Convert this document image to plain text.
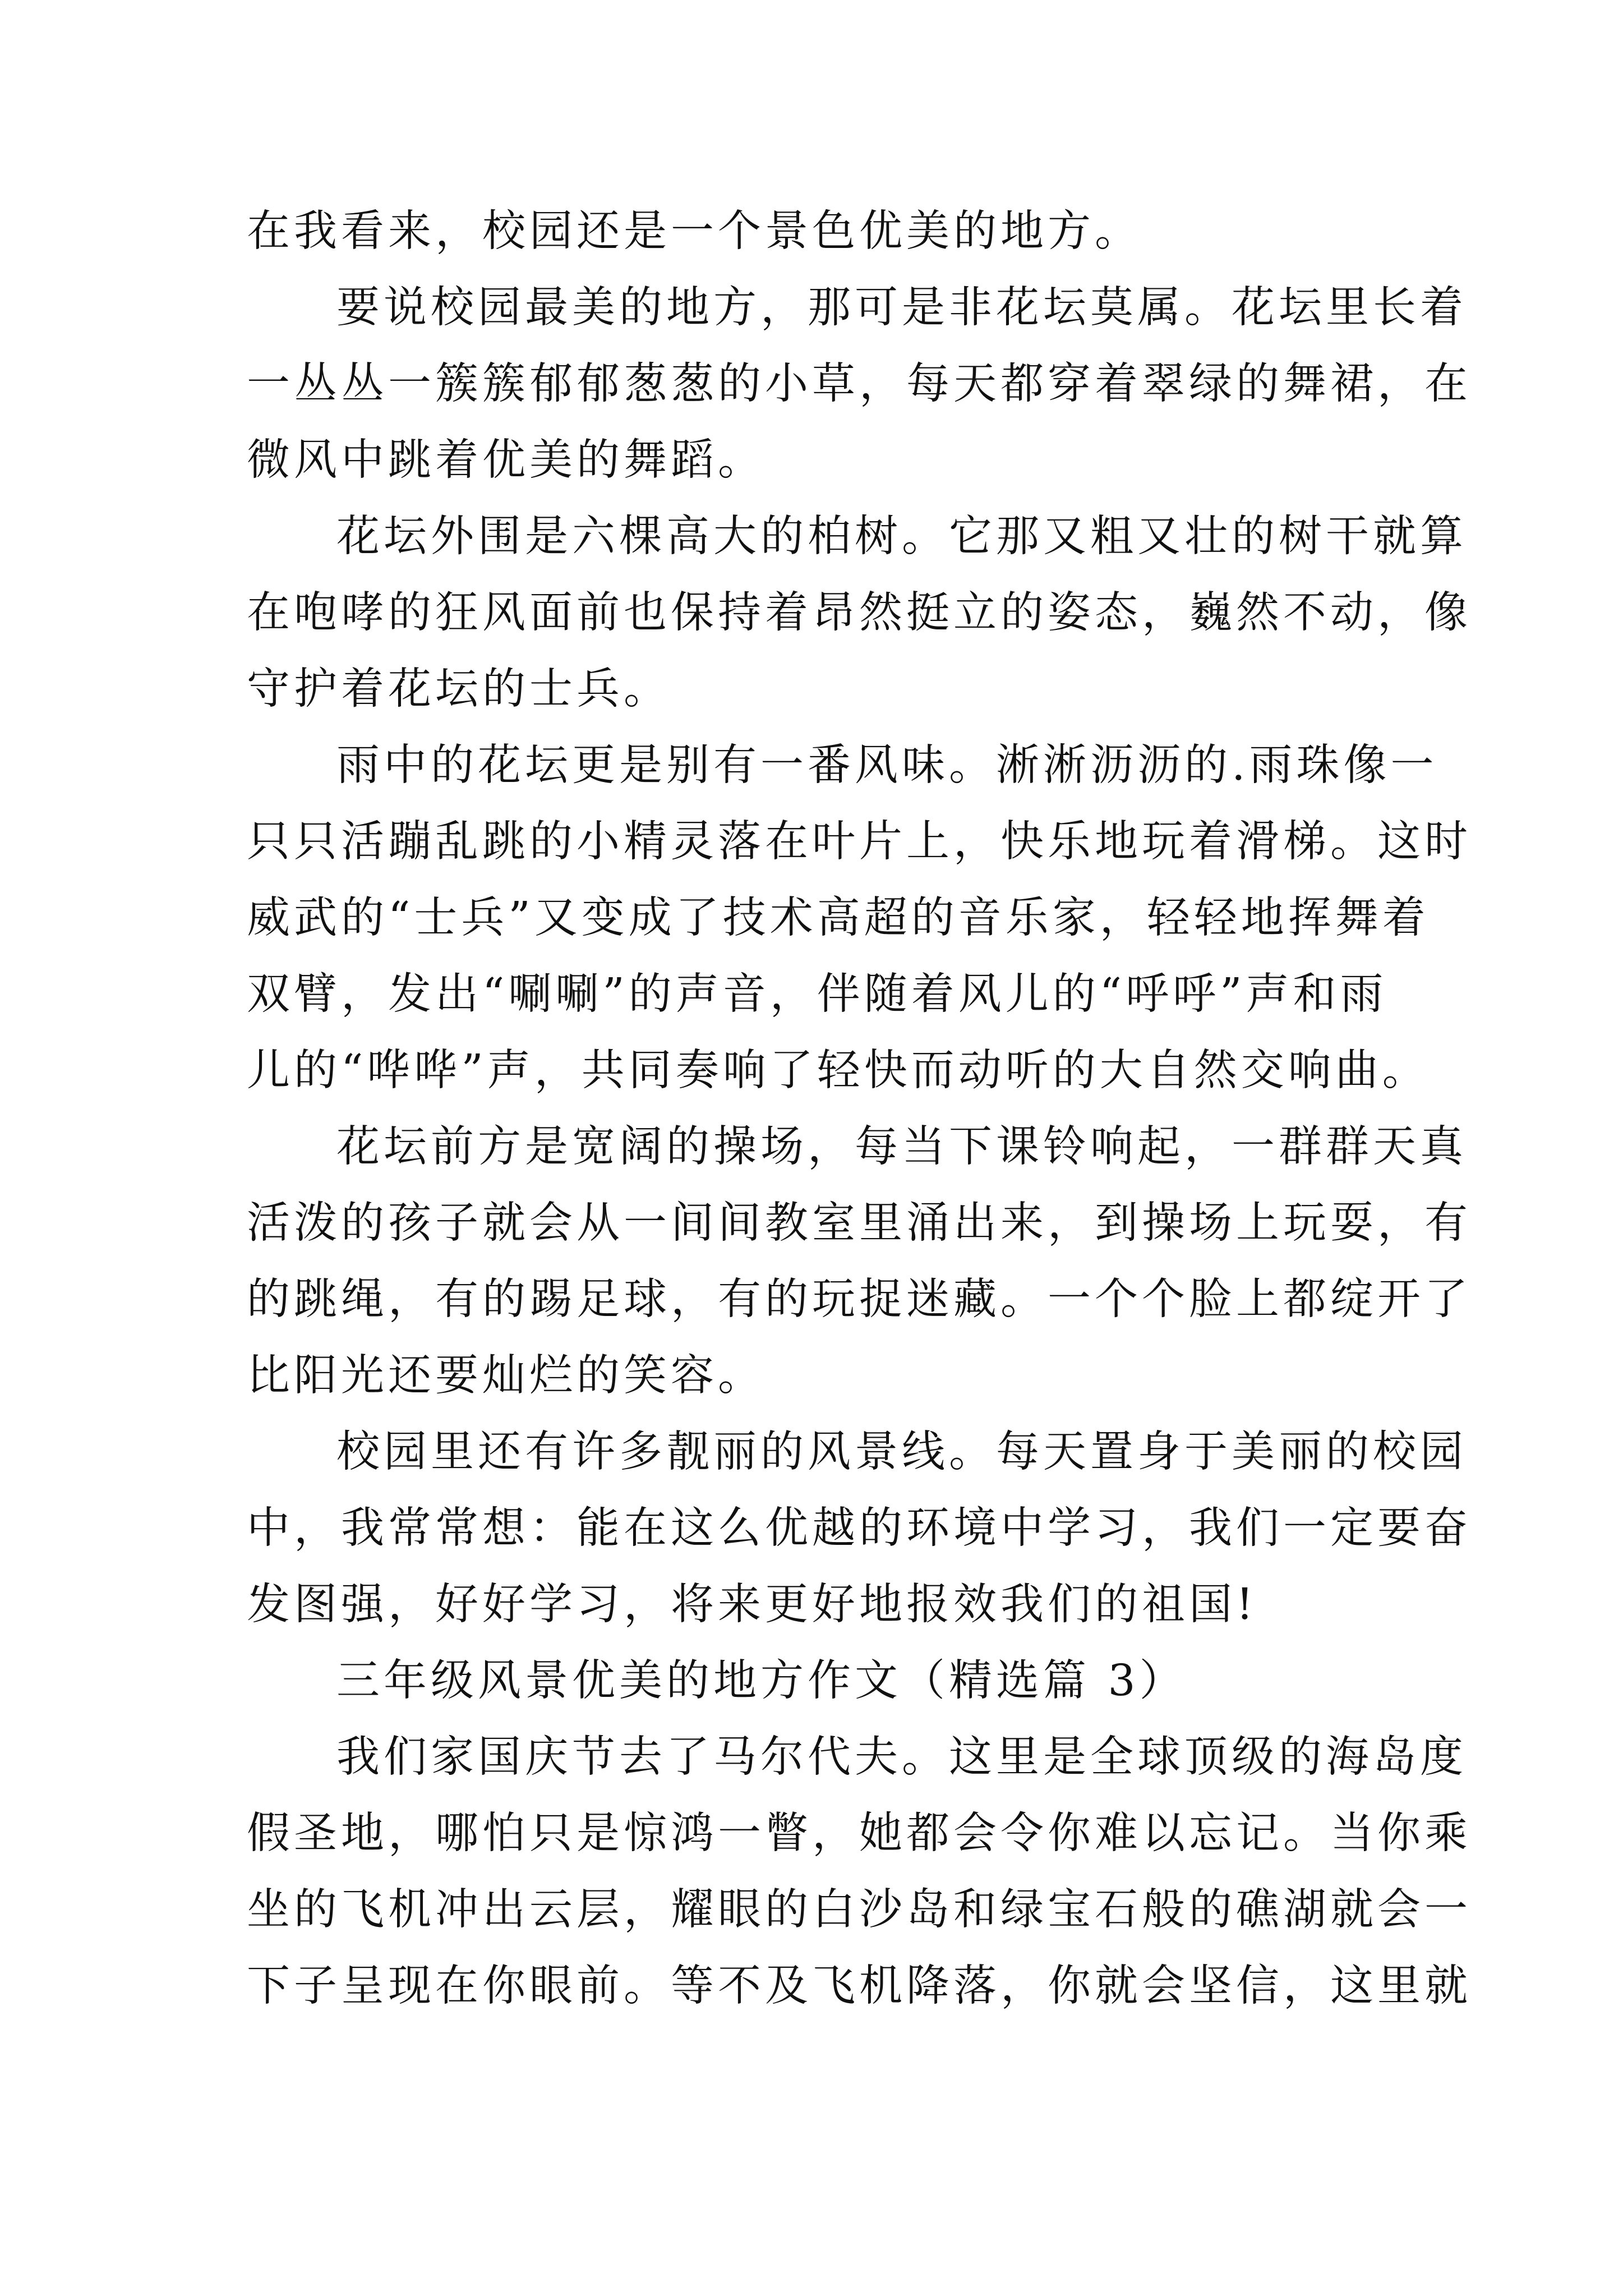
在我看来，校园还是一个景色优美的地方。
要说校园最美的地方，那可是非花坛莫属。花坛里长着
一丛丛一簇簇郁郁葱葱的小草，每天都穿着翠绿的舞裙，在
微风中跳着优美的舞蹈。
花坛外围是六棵高大的柏树。它那又粗又壮的树干就算
在咆哮的狂风面前也保持着昂然挺立的姿态，巍然不动，像
守护着花坛的士兵。
雨中的花坛更是别有一番风味。淅淅沥沥的.雨珠像一
只只活蹦乱跳的小精灵落在叶片上，快乐地玩着滑梯。这时
威武的“士兵”又变成了技术高超的音乐家，轻轻地挥舞着
双臂，发出“唰唰”的声音，伴随着风儿的“呼呼”声和雨
儿的“哗哗”声，共同奏响了轻快而动听的大自然交响曲。
花坛前方是宽阔的操场，每当下课铃响起，一群群天真
活泼的孩子就会从一间间教室里涌出来，到操场上玩耍，有
的跳绳，有的踢足球，有的玩捉迷藏。一个个脸上都绽开了
比阳光还要灿烂的笑容。
校园里还有许多靓丽的风景线。每天置身于美丽的校园
中，我常常想：能在这么优越的环境中学习，我们一定要奋
发图强，好好学习，将来更好地报效我们的祖国!
三年级风景优美的地方作文（精选篇 3）
我们家国庆节去了马尔代夫。这里是全球顶级的海岛度
假圣地，哪怕只是惊鸿一瞥，她都会令你难以忘记。当你乘
坐的飞机冲出云层，耀眼的白沙岛和绿宝石般的礁湖就会一
下子呈现在你眼前。等不及飞机降落，你就会坚信，这里就
